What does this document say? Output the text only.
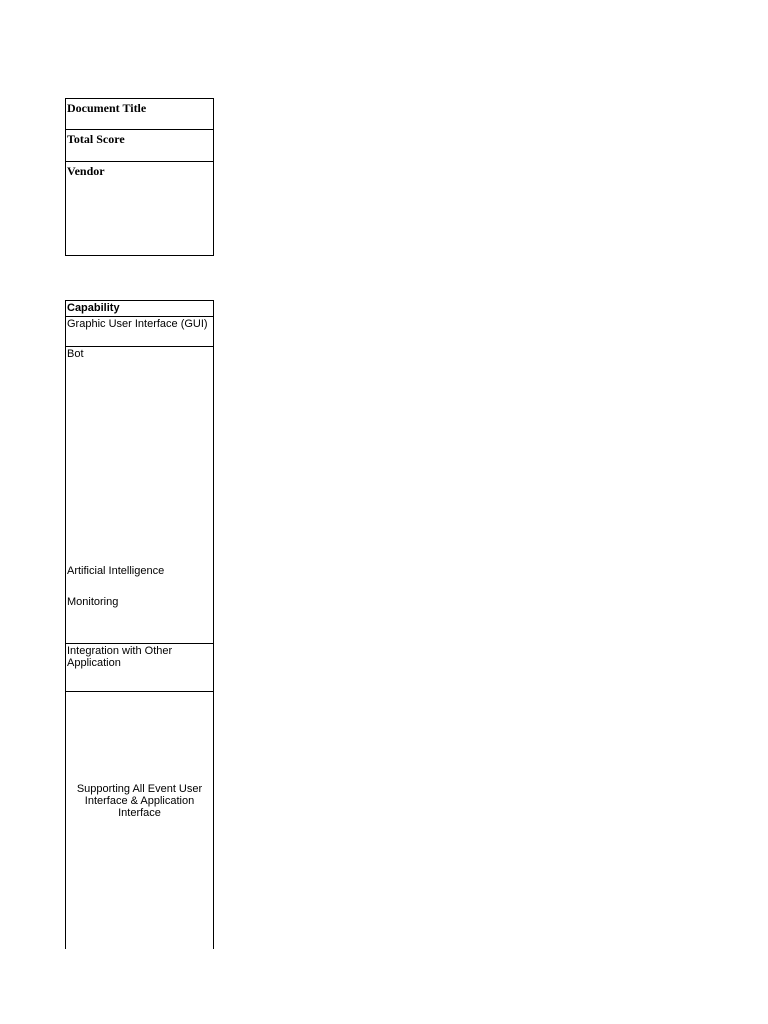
Document Title
Total Score
Vendor
Capability
Graphic User Interface (GUI)
Bot
Artificial Intelligence
Monitoring
Integration with Other Application
Supporting All Event User Interface & Application Interface
